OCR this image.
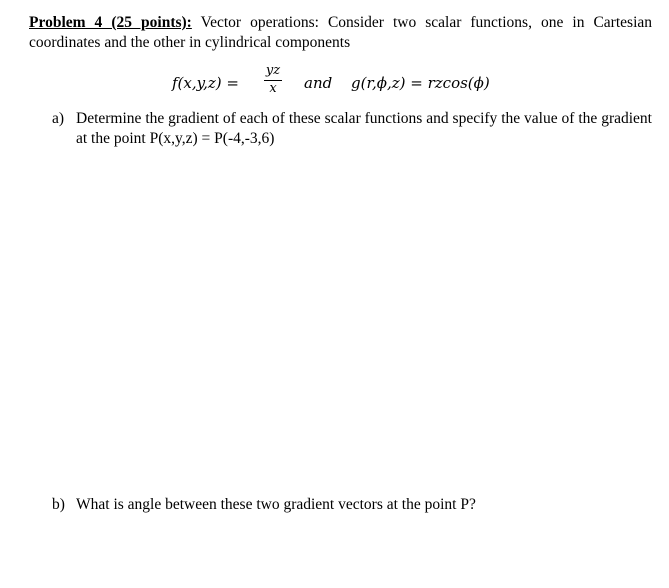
Problem 4 (25 points): Vector operations: Consider two scalar functions, one in Cartesian coordinates and the other in cylindrical components
f(x,y,z) =
yz
x	and g(r,ϕ,z) = rzcos(ϕ)
a) Determine the gradient of each of these scalar functions and specify the value of the gradient at the point P(x,y,z) = P(-4,-3,6)
b) What is angle between these two gradient vectors at the point P?
